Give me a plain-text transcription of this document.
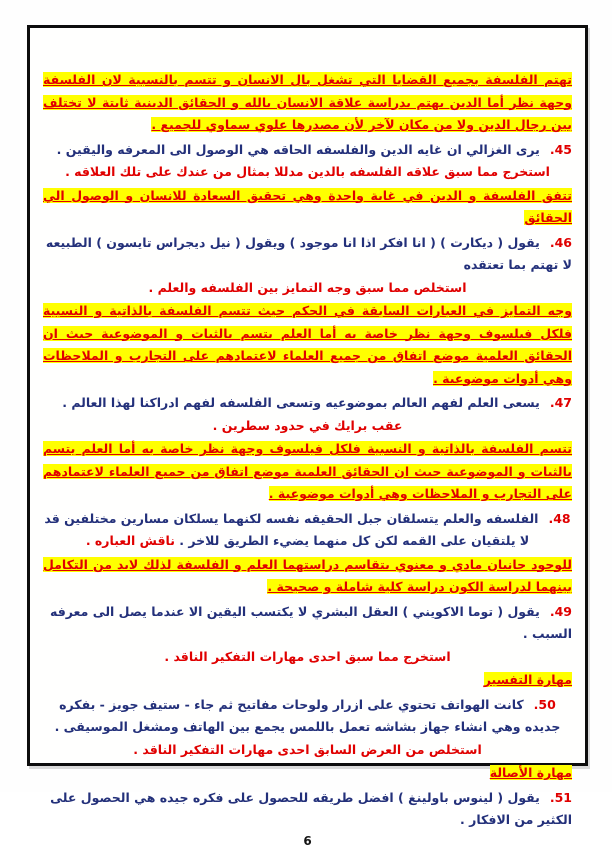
تهتم الفلسفة بجميع القضايا التي تشغل بال الانسان و تتسم بالنسبية لان الفلسفة وجهة نظر أما الدين يهتم بدراسة علاقة الانسان بالله و الحقائق الدينية ثابتة لا تختلف بين رجال الدين ولا من مكان لآخر لأن مصدرها علوي سماوي للجميع .

45.يرى الغزالي ان غايه الدين والفلسفه الحاقه هي الوصول الى المعرفه واليقين .

استخرج مما سبق علاقه الفلسفه بالدين مدللا بمثال من عندك على تلك العلاقه .

تتفق الفلسفة و الدين في غاية واحدة وهي تحقيق السعادة للانسان و الوصول الي الحقائق

46.يقول ( ديكارت ) ( انا افكر اذا انا موجود ) ويقول ( نيل ديجراس تايسون ) الطبيعه لا تهتم بما تعتقده

استخلص مما سبق وجه التمايز بين الفلسفه والعلم .

وجه التمايز في العبارات السابقة في الحكم حيث تتسم الفلسفة بالذاتية و النسبية فلكل فيلسوف وجهة نظر خاصة به أما العلم يتسم بالثبات و الموضوعية حيث ان الحقائق العلمية موضع اتفاق من جميع العلماء لاعتمادهم على التجارب و الملاحظات وهي أدوات موضوعية .

47.يسعى العلم لفهم العالم بموضوعيه وتسعى الفلسفه لفهم ادراكنا لهذا العالم .

عقب برايك في حدود سطرين .

تتسم الفلسفة بالذاتية و النسبية فلكل فيلسوف وجهة نظر خاصة به أما العلم يتسم بالثبات و الموضوعية حيث ان الحقائق العلمية موضع اتفاق من جميع العلماء لاعتمادهم على التجارب و الملاحظات وهي أدوات موضوعية .

48.الفلسفه والعلم يتسلقان جبل الحقيقه نفسه لكنهما يسلكان مسارين مختلفين قد لا يلتقيان على القمه لكن كل منهما يضيء الطريق للاخر . ناقش العباره .

للوجود جانبان مادي و معنوي يتقاسم دراستهما العلم و الفلسفة لذلك لابد من التكامل بينهما لدراسة الكون دراسة كلية شاملة و صحيحة .

49.يقول ( توما الاكويني ) العقل البشري لا يكتسب اليقين الا عندما يصل الى معرفه السبب .

استخرج مما سبق احدى مهارات التفكير الناقد .

مهارة التفسير

50.كانت الهواتف تحتوي على ازرار ولوحات مفاتيح ثم جاء - ستيف جويز - بفكره جديده وهي انشاء جهاز بشاشه تعمل باللمس يجمع بين الهاتف ومشغل الموسيقى .

استخلص من العرض السابق احدى مهارات التفكير الناقد .

مهارة الأصالة

51.يقول ( لينوس باولينغ ) افضل طريقه للحصول على فكره جيده هي الحصول على الكثير من الافكار .

6
